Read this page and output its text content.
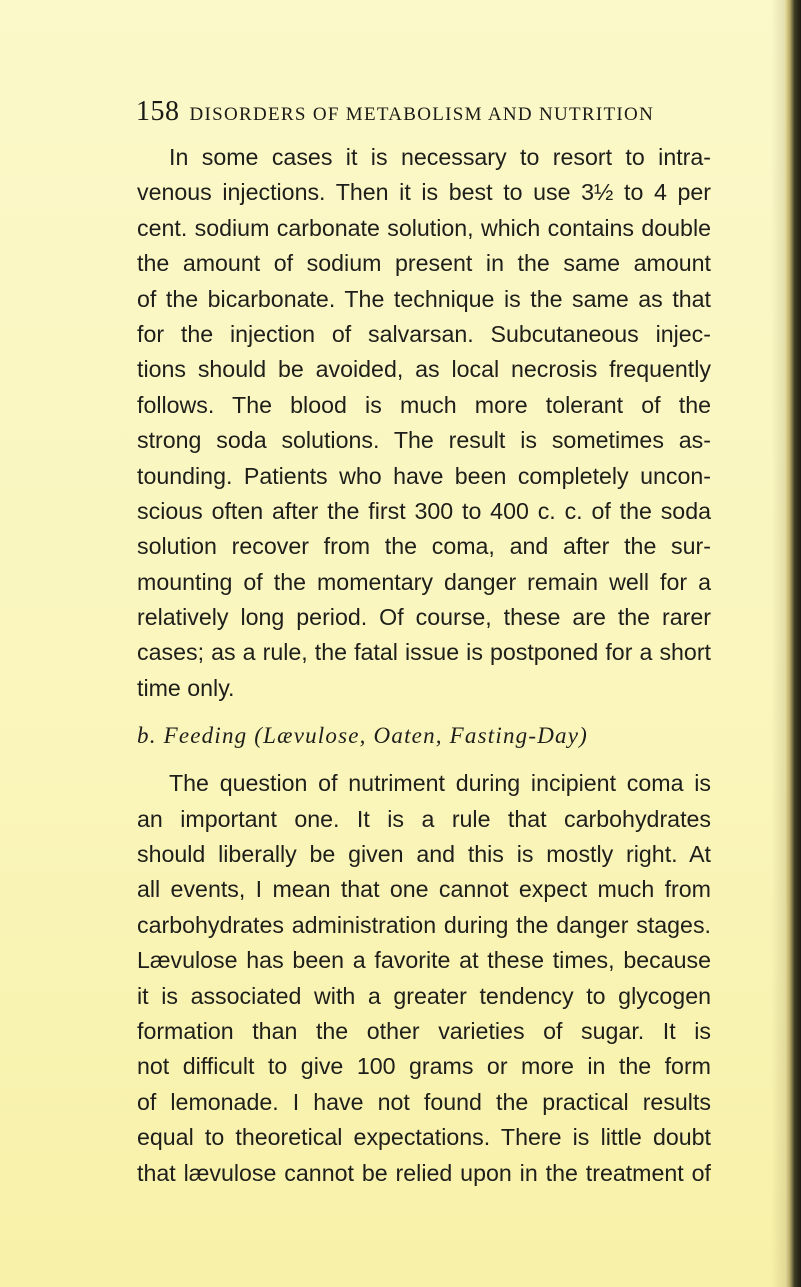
158 DISORDERS OF METABOLISM AND NUTRITION
In some cases it is necessary to resort to intra-
venous injections. Then it is best to use 3½ to 4 per
cent. sodium carbonate solution, which contains double
the amount of sodium present in the same amount
of the bicarbonate. The technique is the same as that
for the injection of salvarsan. Subcutaneous injec-
tions should be avoided, as local necrosis frequently
follows. The blood is much more tolerant of the
strong soda solutions. The result is sometimes as-
tounding. Patients who have been completely uncon-
scious often after the first 300 to 400 c. c. of the soda
solution recover from the coma, and after the sur-
mounting of the momentary danger remain well for a
relatively long period. Of course, these are the rarer
cases; as a rule, the fatal issue is postponed for a short
time only.
b. Feeding (Lævulose, Oaten, Fasting-Day)
The question of nutriment during incipient coma is
an important one. It is a rule that carbohydrates
should liberally be given and this is mostly right. At
all events, I mean that one cannot expect much from
carbohydrates administration during the danger stages.
Lævulose has been a favorite at these times, because
it is associated with a greater tendency to glycogen
formation than the other varieties of sugar. It is
not difficult to give 100 grams or more in the form
of lemonade. I have not found the practical results
equal to theoretical expectations. There is little doubt
that lævulose cannot be relied upon in the treatment of
